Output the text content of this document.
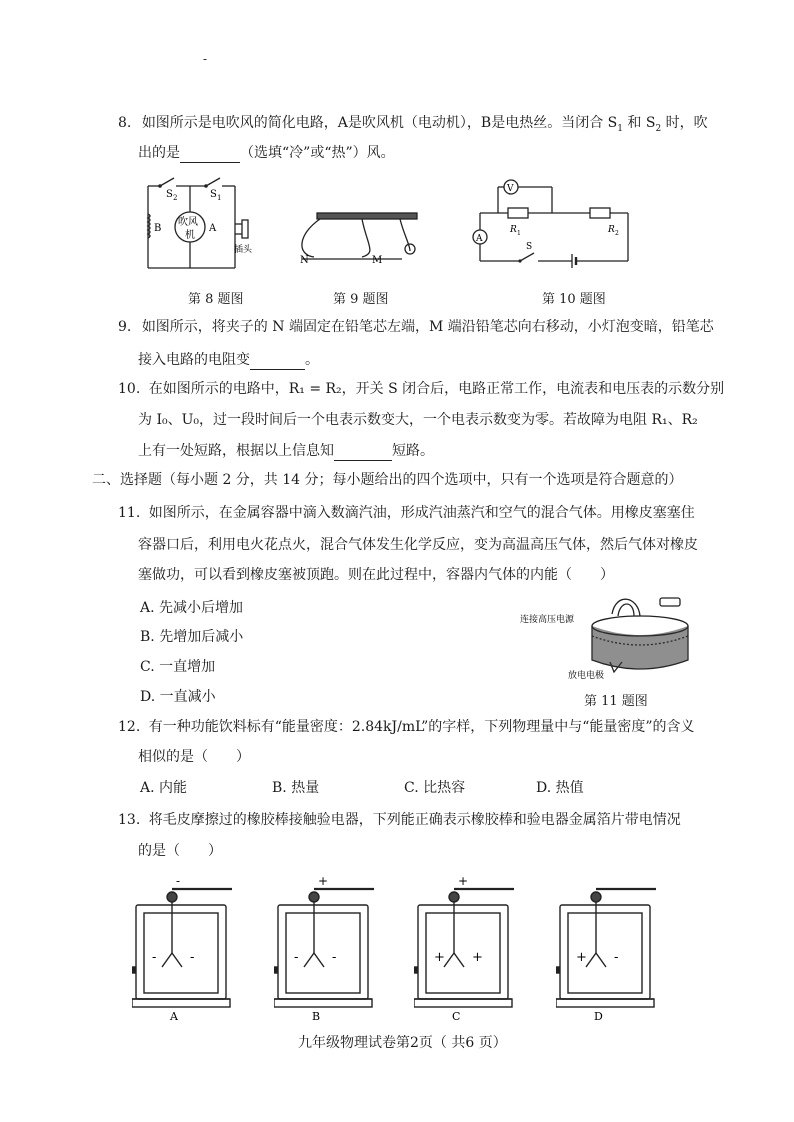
-
8. 如图所示是电吹风的简化电路，A是吹风机（电动机），B是电热丝。当闭合 $S_1$ 和 $S_2$ 时，吹
出的是	（选填“冷”或“热”）风。
S 2	S 1
吹风
机
A
B
插头
第 8 题图
N	M
第 9 题图
V
A
R 1	R 2
S
第 10 题图
9. 如图所示，将夹子的 N 端固定在铅笔芯左端，M 端沿铅笔芯向右移动，小灯泡变暗，铅笔芯
接入电路的电阻变	。
10. 在如图所示的电路中，R₁ = R₂，开关 S 闭合后，电路正常工作，电流表和电压表的示数分别
为 I₀、U₀，过一段时间后一个电表示数变大，一个电表示数变为零。若故障为电阻 R₁、R₂
上有一处短路，根据以上信息知	短路。
二、选择题（每小题 2 分，共 14 分；每小题给出的四个选项中，只有一个选项是符合题意的）
11. 如图所示，在金属容器中滴入数滴汽油，形成汽油蒸汽和空气的混合气体。用橡皮塞塞住
容器口后，利用电火花点火，混合气体发生化学反应，变为高温高压气体，然后气体对橡皮
塞做功，可以看到橡皮塞被顶跑。则在此过程中，容器内气体的内能（　　）
A. 先减小后增加
B. 先增加后减小
C. 一直增加
D. 一直减小
连接高压电源
放电电极
第 11 题图
12. 有一种功能饮料标有“能量密度：2.84kJ/mL”的字样，下列物理量中与“能量密度”的含义
相似的是（　　）
A. 内能	B. 热量	C. 比热容	D. 热值
13. 将毛皮摩擦过的橡胶棒接触验电器，下列能正确表示橡胶棒和验电器金属箔片带电情况
的是（　　）
-
-	-
A
+
-	-
B
+
+ +
C
+ -
D
九年级物理试卷第2页（ 共6 页）
